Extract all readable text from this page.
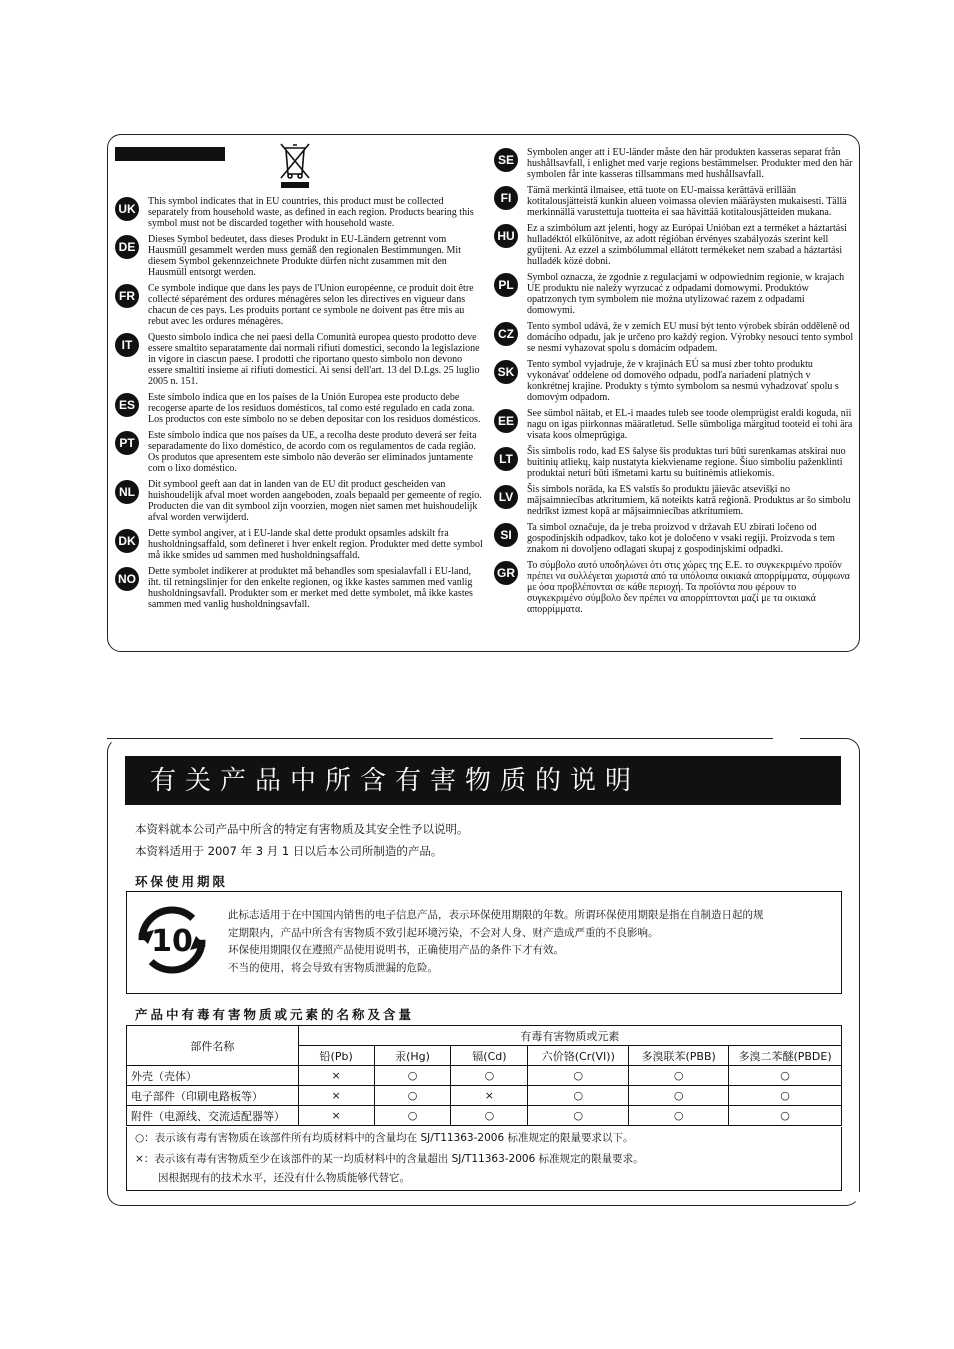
UK
This symbol indicates that in EU countries, this product must be collected separately from household waste, as defined in each region. Products bearing this symbol must not be discarded together with household waste.
DE
Dieses Symbol bedeutet, dass dieses Produkt in EU-Ländern getrennt vom Hausmüll gesammelt werden muss gemäß den regionalen Bestimmungen. Mit diesem Symbol gekennzeichnete Produkte dürfen nicht zusammen mit den Hausmüll entsorgt werden.
FR
Ce symbole indique que dans les pays de l'Union européenne, ce produit doit être collecté séparément des ordures ménagères selon les directives en vigueur dans chacun de ces pays. Les produits portant ce symbole ne doivent pas être mis au rebut avec les ordures ménagères.
IT
Questo simbolo indica che nei paesi della Comunità europea questo prodotto deve essere smaltito separatamente dai normali rifiuti domestici, secondo la legislazione in vigore in ciascun paese. I prodotti che riportano questo simbolo non devono essere smaltiti insieme ai rifiuti domestici. Ai sensi dell'art. 13 del D.Lgs. 25 luglio 2005 n. 151.
ES
Este símbolo indica que en los países de la Unión Europea este producto debe recogerse aparte de los residuos domésticos, tal como esté regulado en cada zona. Los productos con este símbolo no se deben depositar con los residuos domésticos.
PT
Este símbolo indica que nos países da UE, a recolha deste produto deverá ser feita separadamente do lixo doméstico, de acordo com os regulamentos de cada região. Os produtos que apresentem este símbolo não deverão ser eliminados juntamente com o lixo doméstico.
NL
Dit symbool geeft aan dat in landen van de EU dit product gescheiden van huishoudelijk afval moet worden aangeboden, zoals bepaald per gemeente of regio. Producten die van dit symbool zijn voorzien, mogen niet samen met huishoudelijk afval worden verwijderd.
DK
Dette symbol angiver, at i EU-lande skal dette produkt opsamles adskilt fra husholdningsaffald, som defineret i hver enkelt region. Produkter med dette symbol må ikke smides ud sammen med husholdningsaffald.
NO
Dette symbolet indikerer at produktet må behandles som spesialavfall i EU-land, iht. til retningslinjer for den enkelte regionen, og ikke kastes sammen med vanlig husholdningsavfall. Produkter som er merket med dette symbolet, må ikke kastes sammen med vanlig husholdningsavfall.
SE
Symbolen anger att i EU-länder måste den här produkten kasseras separat från hushållsavfall, i enlighet med varje regions bestämmelser. Produkter med den här symbolen får inte kasseras tillsammans med hushållsavfall.
FI
Tämä merkintä ilmaisee, että tuote on EU-maissa kerättävä erillään kotitalousjätteistä kunkin alueen voimassa olevien määräysten mukaisesti. Tällä merkinnällä varustettuja tuotteita ei saa hävittää kotitalousjätteiden mukana.
HU
Ez a szimbólum azt jelenti, hogy az Európai Unióban ezt a terméket a háztartási hulladéktól elkülönítve, az adott régióban érvényes szabályozás szerint kell gyűjteni. Az ezzel a szimbólummal ellátott termékeket nem szabad a háztartási hulladék közé dobni.
PL
Symbol oznacza, że zgodnie z regulacjami w odpowiednim regionie, w krajach UE produktu nie należy wyrzucać z odpadami domowymi. Produktów opatrzonych tym symbolem nie można utylizować razem z odpadami domowymi.
CZ
Tento symbol udává, že v zemích EU musí být tento výrobek sbírán odděleně od domácího odpadu, jak je určeno pro každý region. Výrobky nesoucí tento symbol se nesmí vyhazovat spolu s domácím odpadem.
SK
Tento symbol vyjadruje, že v krajinách EÚ sa musí zber tohto produktu vykonávať oddelene od domového odpadu, podľa nariadení platných v konkrétnej krajine. Produkty s týmto symbolom sa nesmú vyhadzovať spolu s domovým odpadom.
EE
See sümbol näitab, et EL-i maades tuleb see toode olemprügist eraldi koguda, nii nagu on igas piirkonnas määratletud. Selle sümboliga märgitud tooteid ei tohi ära visata koos olmeprügiga.
LT
Šis simbolis rodo, kad ES šalyse šis produktas turi būti surenkamas atskirai nuo buitinių atliekų, kaip nustatyta kiekviename regione. Šiuo simboliu paženklinti produktai neturi būti išmetami kartu su buitinėmis atliekomis.
LV
Šis simbols norāda, ka ES valstīs šo produktu jāievāc atsevišķi no mājsaimniecības atkritumiem, kā noteikts katrā reģionā. Produktus ar šo simbolu nedrīkst izmest kopā ar mājsaimniecības atkritumiem.
SI
Ta simbol označuje, da je treba proizvod v državah EU zbirati ločeno od gospodinjskih odpadkov, tako kot je določeno v vsaki regiji. Proizvoda s tem znakom ni dovoljeno odlagati skupaj z gospodinjskimi odpadki.
GR
Το σύμβολο αυτό υποδηλώνει ότι στις χώρες της Ε.Ε. το συγκεκριμένο προϊόν πρέπει να συλλέγεται χωριστά από τα υπόλοιπα οικιακά απορρίμματα, σύμφωνα με όσα προβλέπονται σε κάθε περιοχή. Τα προϊόντα που φέρουν το συγκεκριμένο σύμβολο δεν πρέπει να απορρίπτονται μαζί με τα οικιακά απορρίμματα.
有关产品中所含有害物质的说明
本资料就本公司产品中所含的特定有害物质及其安全性予以说明。
本资料适用于 2007 年 3 月 1 日以后本公司所制造的产品。
环保使用期限
10
此标志适用于在中国国内销售的电子信息产品，表示环保使用期限的年数。所谓环保使用期限是指在自制造日起的规
定期限内，产品中所含有害物质不致引起环境污染，不会对人身、财产造成严重的不良影响。
环保使用期限仅在遵照产品使用说明书，正确使用产品的条件下才有效。
不当的使用，将会导致有害物质泄漏的危险。
产品中有毒有害物质或元素的名称及含量
部件名称	有毒有害物质或元素					
	铅(Pb)	汞(Hg)	镉(Cd)	六价铬(Cr(VI))	多溴联苯(PBB)	多溴二苯醚(PBDE)
外壳（壳体）	×	○	○	○	○	○
电子部件（印刷电路板等）	×	○	×	○	○	○
附件（电源线、交流适配器等）	×	○	○	○	○	○
○：表示该有毒有害物质在该部件所有均质材料中的含量均在 SJ/T11363-2006 标准规定的限量要求以下。
×：表示该有毒有害物质至少在该部件的某一均质材料中的含量超出 SJ/T11363-2006 标准规定的限量要求。
因根据现有的技术水平，还没有什么物质能够代替它。
